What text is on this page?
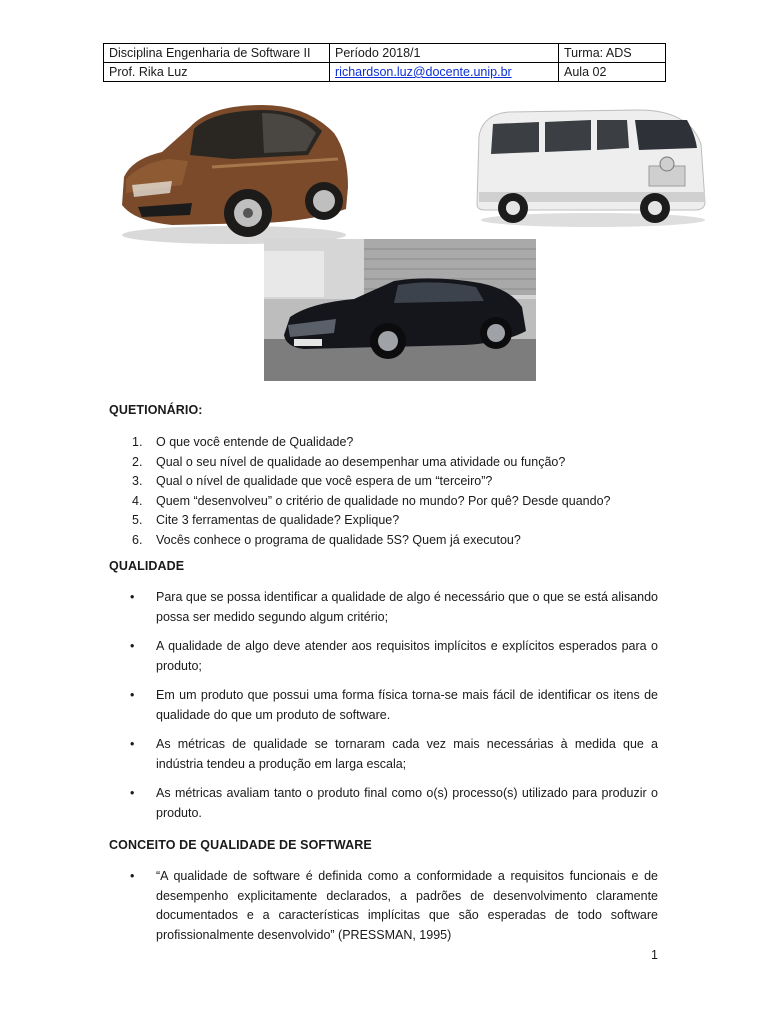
Disciplina Engenharia de Software II	Período 2018/1	Turma: ADS
Prof. Rika Luz	richardson.luz@docente.unip.br	Aula 02
QUETIONÁRIO:
1. O que você entende de Qualidade?
2. Qual o seu nível de qualidade ao desempenhar uma atividade ou função?
3. Qual o nível de qualidade que você espera de um “terceiro”?
4. Quem “desenvolveu” o critério de qualidade no mundo? Por quê? Desde quando?
5. Cite 3 ferramentas de qualidade? Explique?
6. Vocês conhece o programa de qualidade 5S? Quem já executou?
QUALIDADE
• Para que se possa identificar a qualidade de algo é necessário que o que se está alisando possa ser medido segundo algum critério;
• A qualidade de algo deve atender aos requisitos implícitos e explícitos esperados para o produto;
• Em um produto que possui uma forma física torna-se mais fácil de identificar os itens de qualidade do que um produto de software.
• As métricas de qualidade se tornaram cada vez mais necessárias à medida que a indústria tendeu a produção em larga escala;
• As métricas avaliam tanto o produto final como o(s) processo(s) utilizado para produzir o produto.
CONCEITO DE QUALIDADE DE SOFTWARE
• “A qualidade de software é definida como a conformidade a requisitos funcionais e de desempenho explicitamente declarados, a padrões de desenvolvimento claramente documentados e a características implícitas que são esperadas de todo software profissionalmente desenvolvido” (PRESSMAN, 1995)
1
